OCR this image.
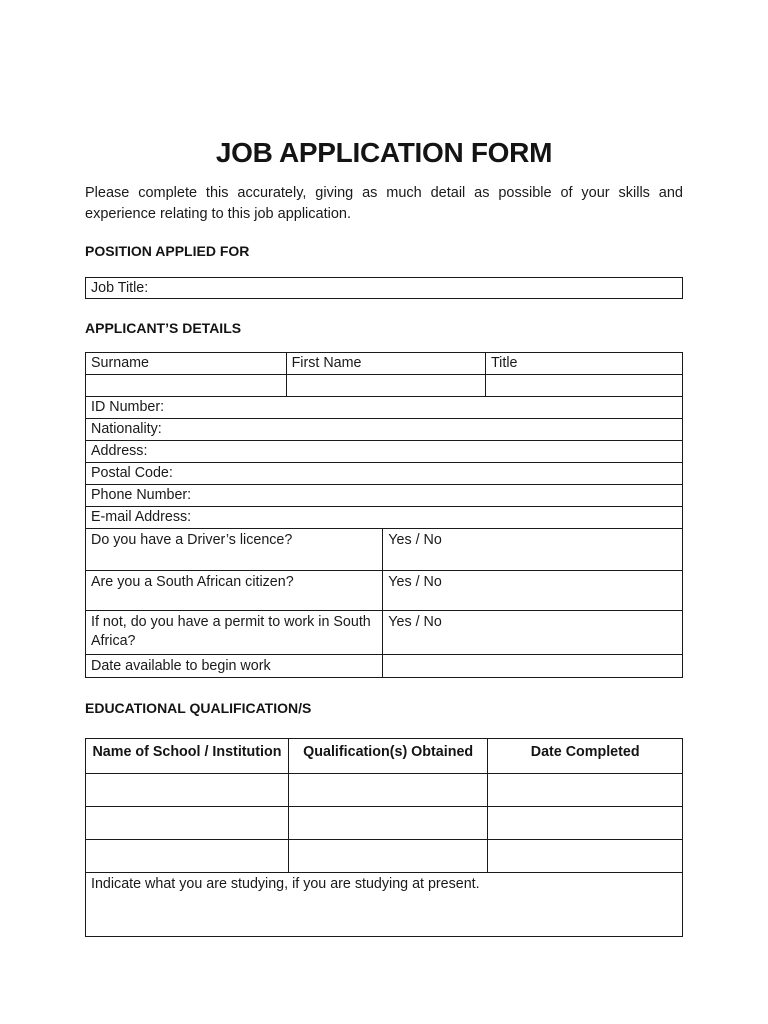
JOB APPLICATION FORM

Please complete this accurately, giving as much detail as possible of your skills and
experience relating to this job application.

POSITION APPLIED FOR
Job Title:
APPLICANT’S DETAILS
Surname	First Name	Title

ID Number:
Nationality:
Address:
Postal Code:
Phone Number:
E-mail Address:
Do you have a Driver’s licence?	Yes / No
Are you a South African citizen?	Yes / No
If not, do you have a permit to work in South Africa?	Yes / No
Date available to begin work	
EDUCATIONAL QUALIFICATION/S
Name of School / Institution	Qualification(s) Obtained	Date Completed

Indicate what you are studying, if you are studying at present.		
